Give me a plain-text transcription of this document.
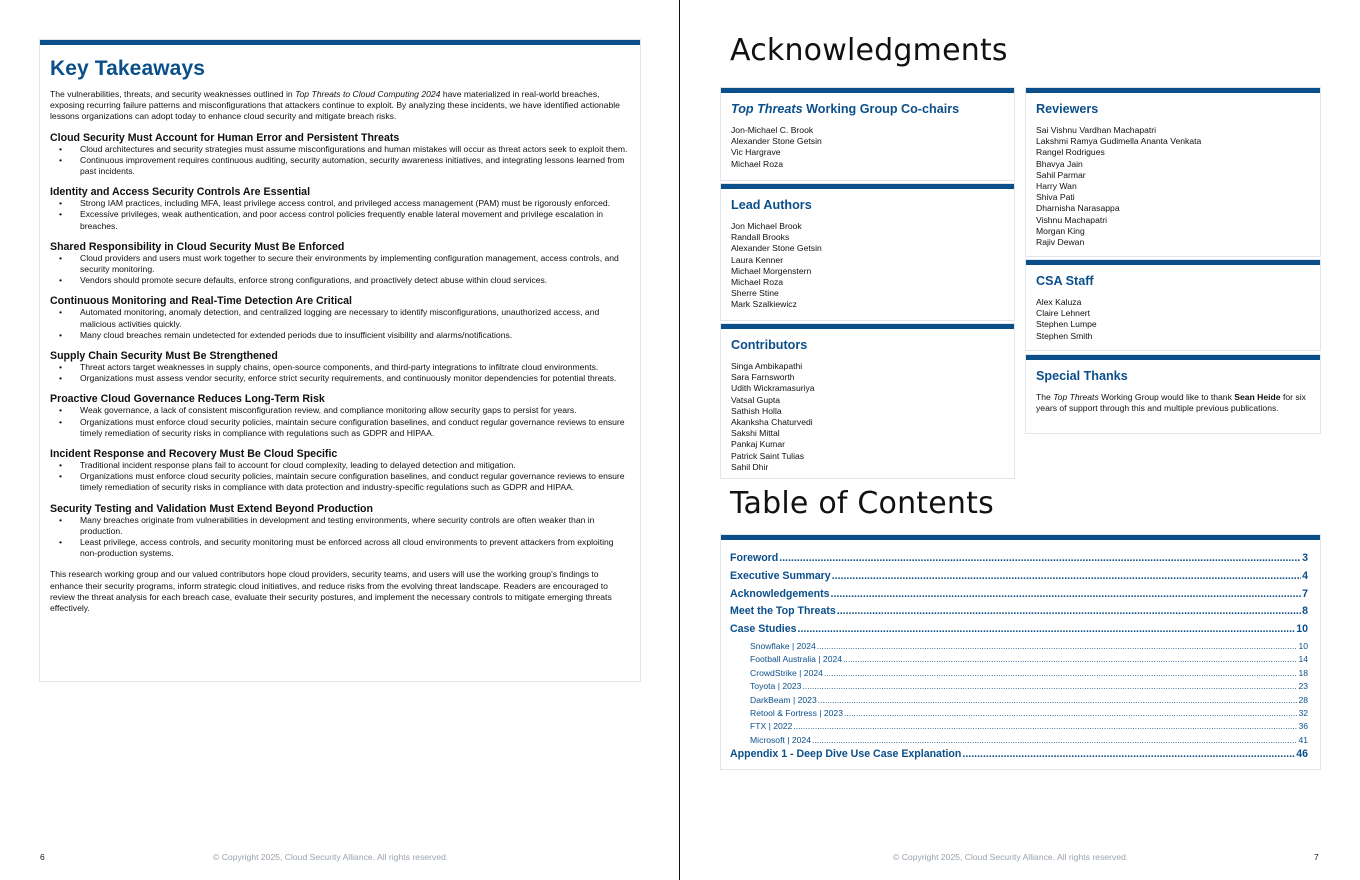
Key Takeaways

The vulnerabilities, threats, and security weaknesses outlined in Top Threats to Cloud Computing 2024 have materialized in real-world breaches, exposing recurring failure patterns and misconfigurations that attackers continue to exploit. By analyzing these incidents, we have identified actionable lessons organizations can adopt today to enhance cloud security and mitigate breach risks.

Cloud Security Must Account for Human Error and Persistent Threats
• Cloud architectures and security strategies must assume misconfigurations and human mistakes will occur as threat actors seek to exploit them.
• Continuous improvement requires continuous auditing, security automation, security awareness initiatives, and integrating lessons learned from past incidents.
Identity and Access Security Controls Are Essential
• Strong IAM practices, including MFA, least privilege access control, and privileged access management (PAM) must be rigorously enforced.
• Excessive privileges, weak authentication, and poor access control policies frequently enable lateral movement and privilege escalation in breaches.
Shared Responsibility in Cloud Security Must Be Enforced
• Cloud providers and users must work together to secure their environments by implementing configuration management, access controls, and security monitoring.
• Vendors should promote secure defaults, enforce strong configurations, and proactively detect abuse within cloud services.
Continuous Monitoring and Real-Time Detection Are Critical
• Automated monitoring, anomaly detection, and centralized logging are necessary to identify misconfigurations, unauthorized access, and malicious activities quickly.
• Many cloud breaches remain undetected for extended periods due to insufficient visibility and alarms/notifications.
Supply Chain Security Must Be Strengthened
• Threat actors target weaknesses in supply chains, open-source components, and third-party integrations to infiltrate cloud environments.
• Organizations must assess vendor security, enforce strict security requirements, and continuously monitor dependencies for potential threats.
Proactive Cloud Governance Reduces Long-Term Risk
• Weak governance, a lack of consistent misconfiguration review, and compliance monitoring allow security gaps to persist for years.
• Organizations must enforce cloud security policies, maintain secure configuration baselines, and conduct regular governance reviews to ensure timely remediation of security risks in compliance with regulations such as GDPR and HIPAA.
Incident Response and Recovery Must Be Cloud Specific
• Traditional incident response plans fail to account for cloud complexity, leading to delayed detection and mitigation.
• Organizations must enforce cloud security policies, maintain secure configuration baselines, and conduct regular governance reviews to ensure timely remediation of security risks in compliance with data protection and industry-specific regulations such as GDPR and HIPAA.
Security Testing and Validation Must Extend Beyond Production
• Many breaches originate from vulnerabilities in development and testing environments, where security controls are often weaker than in production.
• Least privilege, access controls, and security monitoring must be enforced across all cloud environments to prevent attackers from exploiting non-production systems.

This research working group and our valued contributors hope cloud providers, security teams, and users will use the working group's findings to enhance their security programs, inform strategic cloud initiatives, and reduce risks from the evolving threat landscape. Readers are encouraged to review the threat analysis for each breach case, evaluate their security postures, and implement the necessary controls to mitigate emerging threats effectively.

6	© Copyright 2025, Cloud Security Alliance. All rights reserved.
Acknowledgments
Top Threats Working Group Co-chairs
Jon-Michael C. Brook
Alexander Stone Getsin
Vic Hargrave
Michael Roza
Lead Authors
Jon Michael Brook
Randall Brooks
Alexander Stone Getsin
Laura Kenner
Michael Morgenstern
Michael Roza
Sherre Stine
Mark Szalkiewicz
Contributors
Singa Ambikapathi
Sara Farnsworth
Udith Wickramasuriya
Vatsal Gupta
Sathish Holla
Akanksha Chaturvedi
Sakshi Mittal
Pankaj Kumar
Patrick Saint Tulias
Sahil Dhir
Reviewers
Sai Vishnu Vardhan Machapatri
Lakshmi Ramya Gudimella Ananta Venkata
Rangel Rodrigues
Bhavya Jain
Sahil Parmar
Harry Wan
Shiva Pati
Dharnisha Narasappa
Vishnu Machapatri
Morgan King
Rajiv Dewan
CSA Staff
Alex Kaluza
Claire Lehnert
Stephen Lumpe
Stephen Smith
Special Thanks

The Top Threats Working Group would like to thank Sean Heide for six years of support through this and multiple previous publications.

Table of Contents
Foreword .....	3
Executive Summary .....	4
Acknowledgements .....	7
Meet the Top Threats .....	8
Case Studies .....	10
Snowflake | 2024 .....	10
Football Australia | 2024 .....	14
CrowdStrike | 2024 .....	18
Toyota | 2023 .....	23
DarkBeam | 2023 .....	28
Retool & Fortress | 2023 .....	32
FTX | 2022 .....	36
Microsoft | 2024 .....	41
Appendix 1 - Deep Dive Use Case Explanation .....	46
© Copyright 2025, Cloud Security Alliance. All rights reserved.	7
